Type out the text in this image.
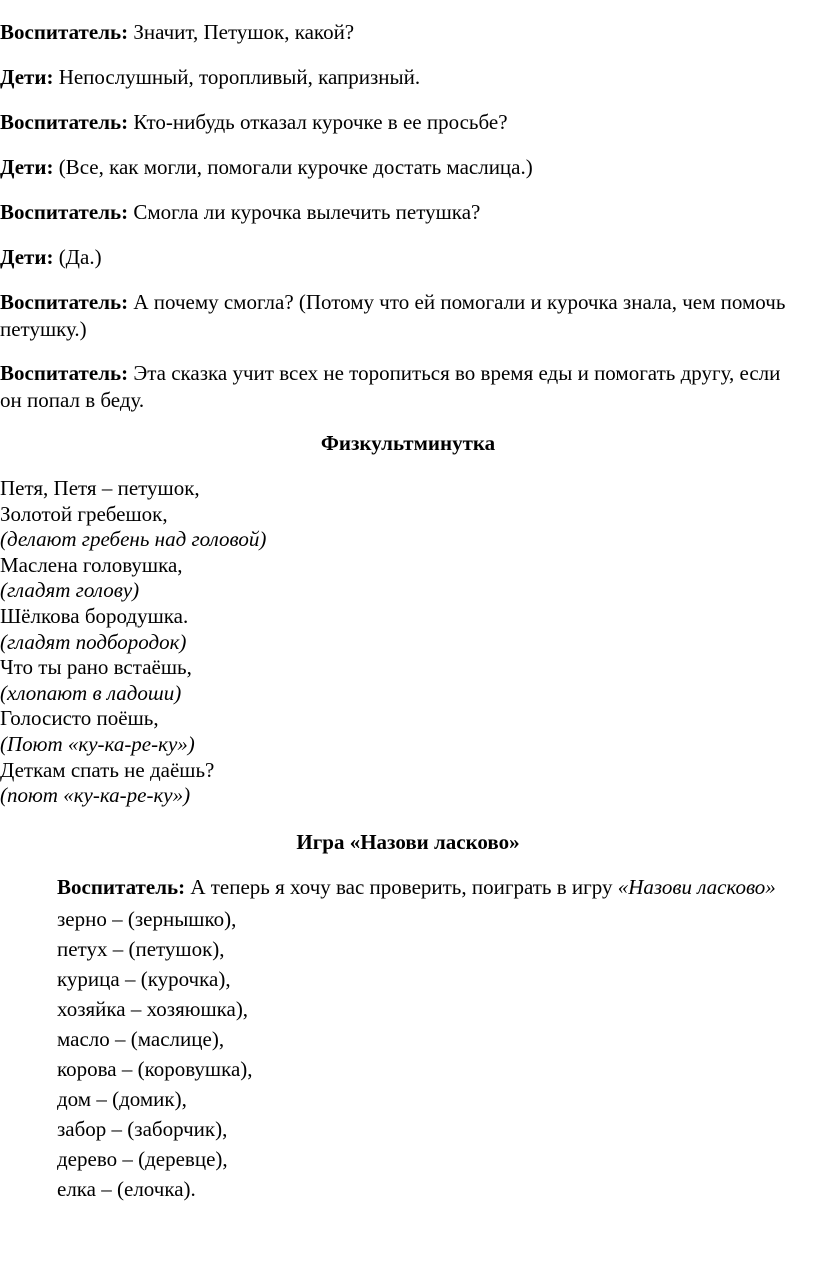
Воспитатель: Значит, Петушок, какой?

Дети: Непослушный, торопливый, капризный.

Воспитатель: Кто-нибудь отказал курочке в ее просьбе?

Дети: (Все, как могли, помогали курочке достать маслица.)

Воспитатель: Смогла ли курочка вылечить петушка?

Дети: (Да.)

Воспитатель: А почему смогла? (Потому что ей помогали и курочка знала, чем помочь петушку.)

Воспитатель: Эта сказка учит всех не торопиться во время еды и помогать другу, если он попал в беду.

Физкультминутка
Петя, Петя – петушок,
Золотой гребешок,
(делают гребень над головой)
Маслена головушка,
(гладят голову)
Шёлкова бородушка.
(гладят подбородок)
Что ты рано встаёшь,
(хлопают в ладоши)
Голосисто поёшь,
(Поют «ку-ка-ре-ку»)
Деткам спать не даёшь?
(поют «ку-ка-ре-ку»)
Игра «Назови ласково»

Воспитатель: А теперь я хочу вас проверить, поиграть в игру «Назови ласково»

зерно – (зернышко),
петух – (петушок),
курица – (курочка),
хозяйка – хозяюшка),
масло – (маслице),
корова – (коровушка),
дом – (домик),
забор – (заборчик),
дерево – (деревце),
елка – (елочка).
